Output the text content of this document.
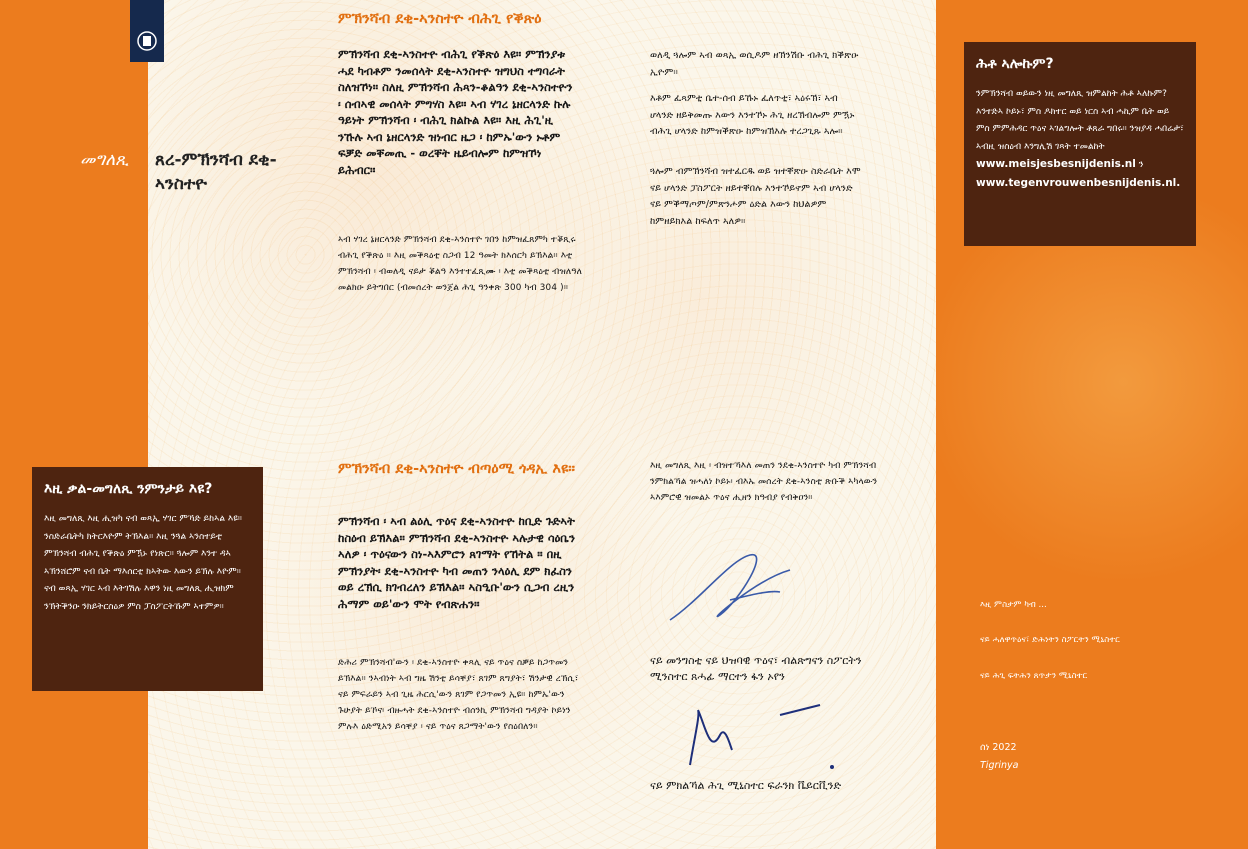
መግለጺ ጸረ-ምኽንሻብ ደቂ-ኣንስተዮ
ምኽንሻብ ደቂ-ኣንስተዮ ብሕጊ የቕጽዕ
ምኽንሻብ ደቂ-ኣንስተዮ ብሕጊ የቕጽዕ እዩ። ምኽንያቱ ሓደ ካብቶም ንመሰላት ደቂ-ኣንስተዮ ዝግህስ ተግባራት ስለዝኾነ። ስለዚ ምኽንሻብ ሕጻን-ቆልዓን ደቂ-ኣንስተዮን ፡ ሰብኣዊ መሰላት ምግሃስ እዩ። ኣብ ሃገረ ኔዘርላንድ ኩሉ ዓይነት ምኽንሻብ ፡ ብሕጊ ክልኩል እዩ። እዚ ሕጊ'ዚ ንኹሉ ኣብ ኔዘርላንድ ዝነብር ዜጋ ፡ ከምኡ'ውን ኑቶም ፍቓድ መቐመጢ - ወረቐት ዜይብሎም ከምዝኾነ ይሕብር።
ኣብ ሃገረ ኔዘርላንድ ምኽንሻብ ደቂ-ኣንስተዮ ገበን ከምዝፈጸምካ ተቖጺሩ ብሕጊ የቕጽዕ ። እዚ መቕጻዕቲ ስጋብ 12 ዓመት ክእሰርካ ይኽእል። እቲ ምኽንሻብ ፡ ብወለዲ ናይታ ቖልዓ እንተተፈጺሙ ፡ እቲ መቕጻዕቲ ብዝለዓለ መልክዑ ይትግበር (ብመሰረት ወንጀል ሕጊ ዓንቀጽ 300 ካብ 304 )።
ወለዲ ጓሎም ኣብ ወጻኢ ወሲዶም ዘኽንሽቡ ብሕጊ ክቕጽዑ ኢዮም።
እቶም ፈጻምቲ ቤተ-ሰብ ይኹኑ ፈለጥቲ፣ ኣዕሩኽ፣ ኣብ ሆላንድ ዘይቅመጡ እውን እንተኾኑ ሕጊ ዘረኽብሎም ምዃኑ ብሕጊ ሆላንድ ከምዝቕጽዑ ከምዝኽእሉ ተረጋጊጹ ኣሎ።
ጓሎም ብምኽንሻብ ዝተፈርዱ ወይ ዝተቐጽዑ ስድራቤት እሞ ናይ ሆላንድ ፓስፖርት ዘይተቐበሉ እንተኾይኖም ኣብ ሆላንድ ናይ ምቕማጦም/ምጽንሖም ዕድል እውን ከህልዎም ከምዘይክእል ከፍለጥ ኣለዎ።
ሕቶ ኣሎኩም?
ንምኽንሻብ ወይውን ነዚ መግለጺ ዝምልከት ሕቶ ኣለኩም? እንተድኣ ኮይኑ፣ ምስ ዶክተር ወይ ነርስ ኣብ ሓኪም ቤት ወይ ምስ ምምሕዳር ጥዕና ኣገልግሎት ቶጸራ ግበሩ። ንዝያዳ ሓበሬታ፣ ኣብዚ ዝስዕብ እንግሊሽ ገጻት ተመልከት www.meisjesbesnijdenis.nl ን www.tegenvrouwenbesnijdenis.nl.
እዚ ቃል-መግለጺ ንምንታይ እዩ?
እዚ መግለጺ እዚ ሒዝካ ናብ ወጻኢ ሃገር ምኻድ ይከኣል እዩ። ንስድራቤትካ ክትርእዮም ትኽእል። እዚ ንጓል ኣንስተይቲ ምኽንሻብ ብሕጊ የቕጽዕ ምዃኑ የነጽር። ጓሎም እንተ ዳኣ ኣኽንሸሮም ናብ ቤት ማእሰርቲ ክኣትው እውን ይኽሉ እዮም። ናብ ወጻኢ ሃገር ኣብ እትገሽሉ እዋን ነዚ መግለጺ ሒዝክም ንኽትቕንዑ ንክይትርስዕዎ ምስ ፓስፖርትኹም ኣተምዎ።
ምኽንሻብ ደቂ-ኣንስተዮ ብጣዕሚ ጎዳኢ እዩ።
ምኽንሻብ ፡ ኣብ ልዕሊ ጥዕና ደቂ-ኣንስተዮ ከቢድ ጉድኣት ከስዕብ ይኽእል። ምኽንሻብ ደቂ-ኣንስተዮ ኣሉታዊ ሳዕቤን ኣለዎ ፡ ጥዕናውን ስነ-ኣእምሮን ጸገማት የኸትል ። በዚ ምኽንያት፡ ደቂ-ኣንስተዮ ካብ መጠን ንላዕሊ ደም ክፈስን ወይ ረኽሲ ክገብረለን ይኽእል። ኣስዒቡ'ውን ሲጋብ ረዚን ሕማም ወይ'ውን ሞት የብጽሐን።
ድሕሪ ምኽንሻብ'ውን ፡ ደቂ-ኣንስተዮ ቀጻሊ ናይ ጥዕና ስቓይ ከጋጥመን ይኽእል። ንኣብነት ኣብ ግዜ ሽንቲ ይሳቐያ፣ ጸገም ጸግያት፣ ሽንታዊ ረኽሲ፣ ናይ ምፍራይን ኣብ ጊዜ ሕርሲ'ውን ጸገም የጋጥመን ኢዩ። ከምኡ'ውን ጉሁያት ይኾና፡ ብዙሓት ደቂ-ኣንስተዮ ብሰንኪ ምኽንሻብ ግዳያት ኮይነን ምሉእ ዕድሚአን ይሳቐያ ፡ ናይ ጥዕና ጸጋማት'ውን የስዕበለን።
እዚ መግለጺ እዚ ፡ ብዝተኻእለ መጠን ንደቂ-ኣንስተዮ ካብ ምኽንሻብ ንምክልኻል ዝሓለነ ኮይኑ፡ ብእኡ መሰረት ደቂ-ኣንስቲ ጽቡቕ ኣካላውን ኣእምሮዊ ዝመልኦ ጥዕና ሒዘን ክዓብያ የብቅዐን።
ናይ መንግስቲ ናይ ህዝባዊ ጥዕና፣ ብልጽግናን ስፖርትን ሚንስተር ጸሓፊ ማርተን ፋን ኦየን
ናይ ምክልኻል ሕጊ ሚኒስተር ፍራንክ ቬይርቪንድ
እዚ ምስታም ካብ ...
ናይ ሓለዋጥዕና፣ ድሕነትን ስፖርትን ሚኒስተር
ናይ ሕጊ ፍትሕን ጸጥታን ሚኒስተር
ሰነ 2022
Tigrinya
